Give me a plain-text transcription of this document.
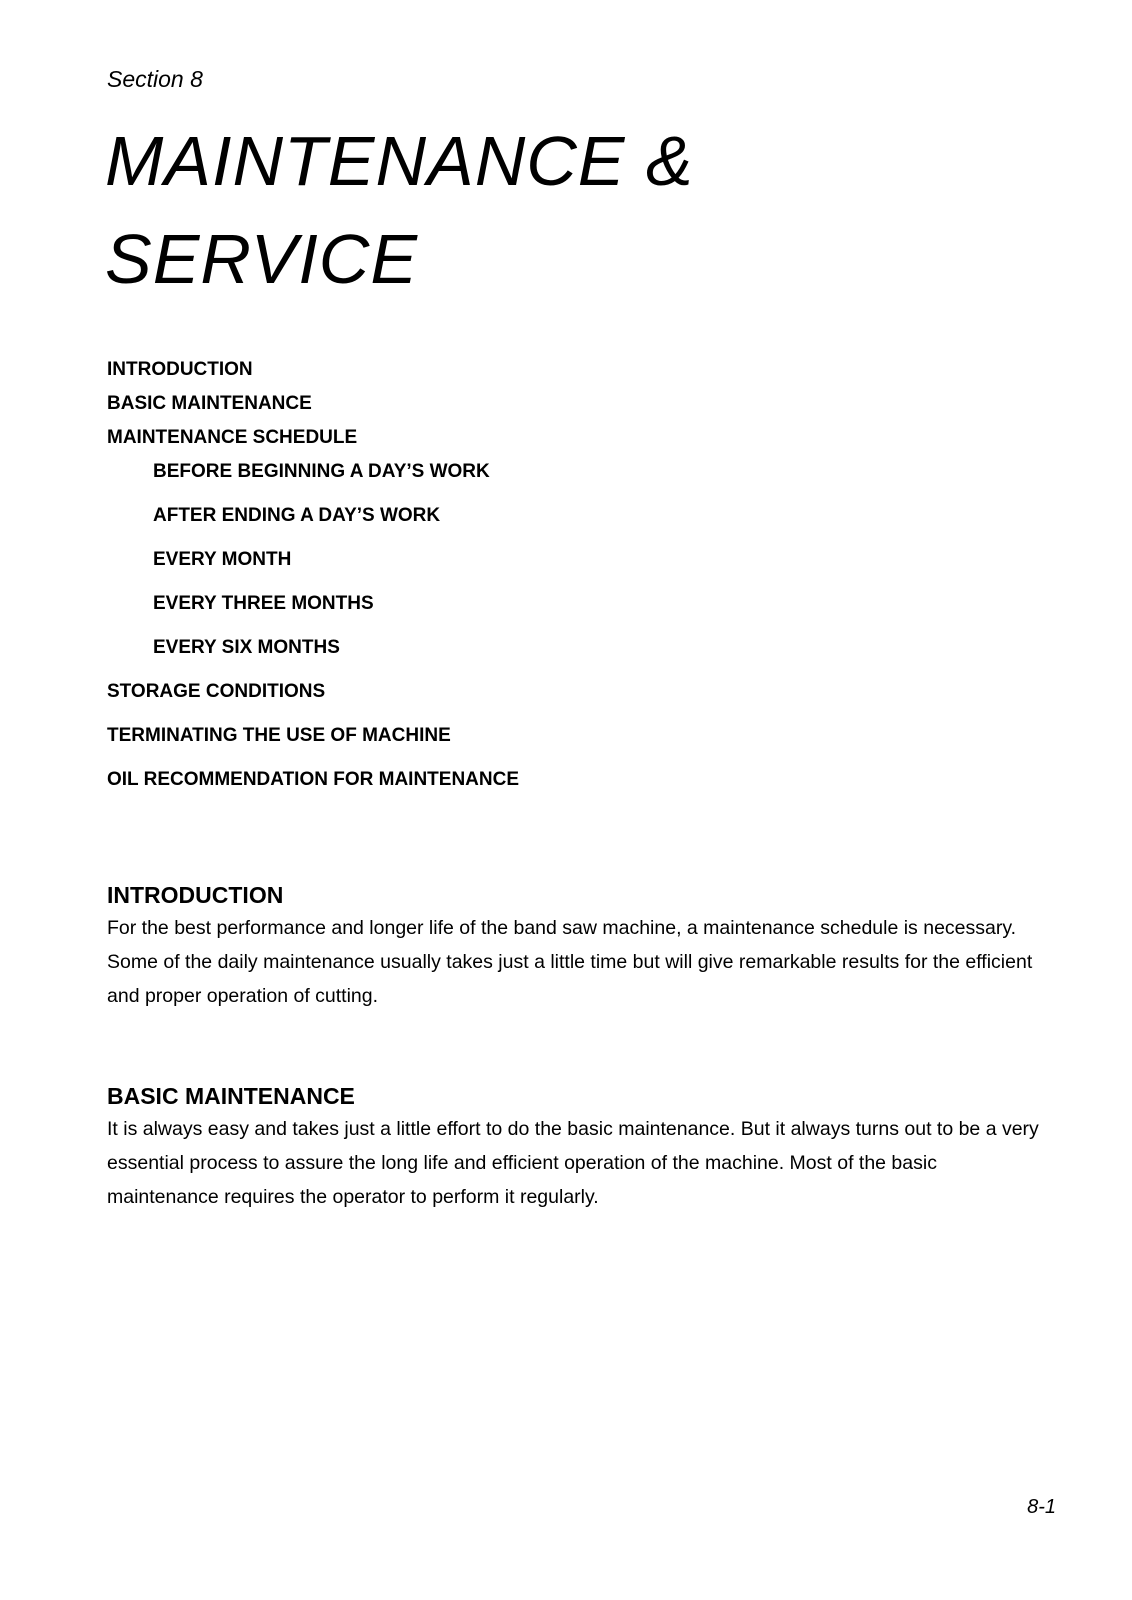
Section 8

MAINTENANCE & SERVICE

INTRODUCTION

BASIC MAINTENANCE

MAINTENANCE SCHEDULE

BEFORE BEGINNING A DAY’S WORK

AFTER ENDING A DAY’S WORK

EVERY MONTH

EVERY THREE MONTHS

EVERY SIX MONTHS

STORAGE CONDITIONS

TERMINATING THE USE OF MACHINE

OIL RECOMMENDATION FOR MAINTENANCE

INTRODUCTION

For the best performance and longer life of the band saw machine, a maintenance schedule is necessary. Some of the daily maintenance usually takes just a little time but will give remarkable results for the efficient and proper operation of cutting.

BASIC MAINTENANCE

It is always easy and takes just a little effort to do the basic maintenance. But it always turns out to be a very essential process to assure the long life and efficient operation of the machine. Most of the basic maintenance requires the operator to perform it regularly.

8-1
